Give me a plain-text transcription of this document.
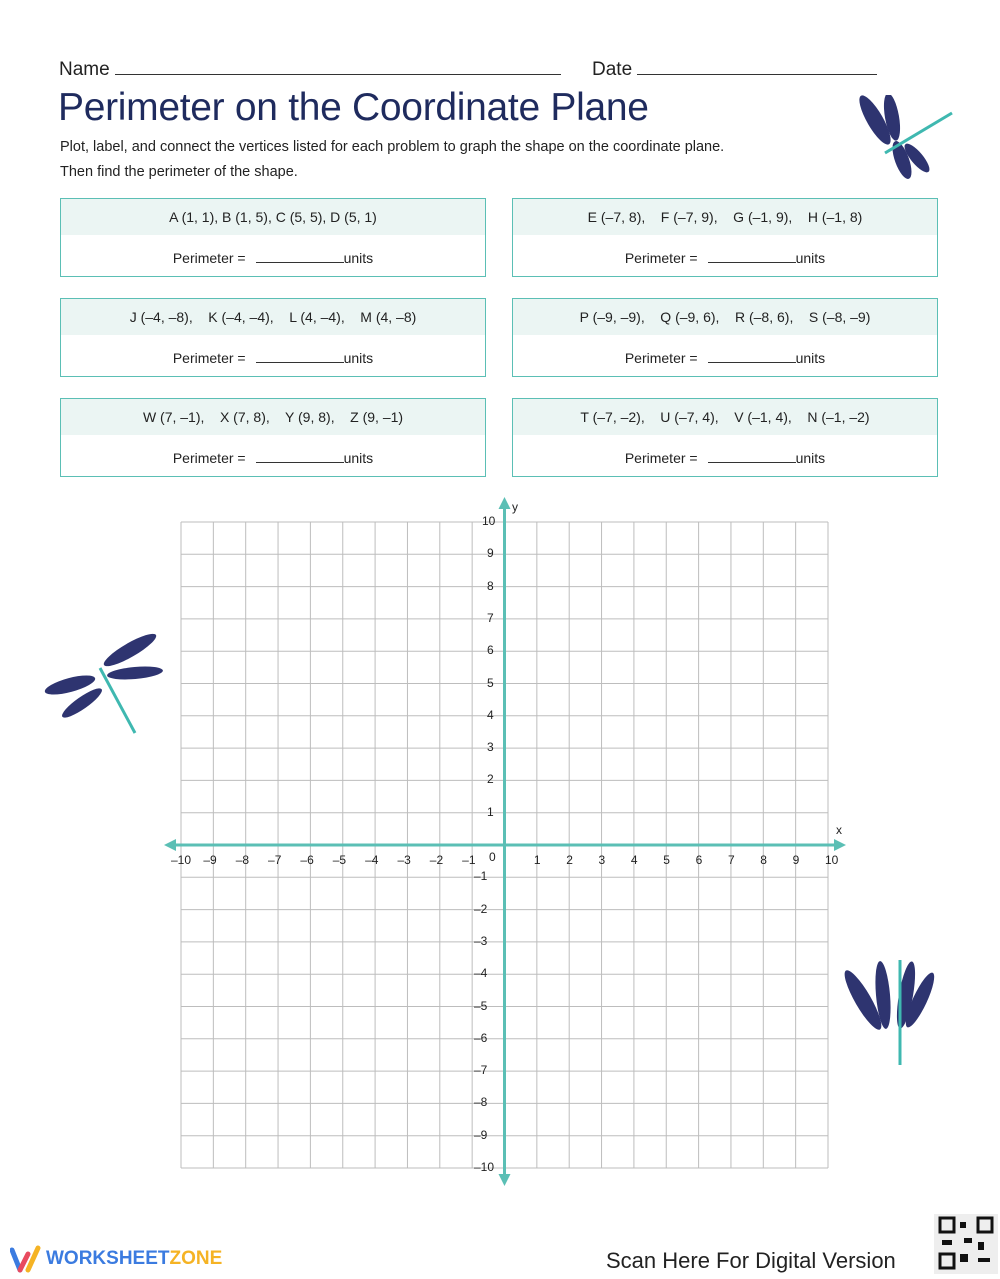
Name	Date
Perimeter on the Coordinate Plane
Plot, label, and connect the vertices listed for each problem to graph the shape on the coordinate plane.
Then find the perimeter of the shape.
A (1, 1), B (1, 5), C (5, 5), D (5, 1)
Perimeter =	units
E (–7, 8),    F (–7, 9),    G (–1, 9),    H (–1, 8)
Perimeter =	units
J (–4, –8),    K (–4, –4),    L (4, –4),    M (4, –8)
Perimeter =	units
P (–9, –9),    Q (–9, 6),    R (–8, 6),    S (–8, –9)
Perimeter =	units
W (7, –1),    X (7, 8),    Y (9, 8),    Z (9, –1)
Perimeter =	units
T (–7, –2),    U (–7, 4),    V (–1, 4),    N (–1, –2)
Perimeter =	units
–10
–10
–9
–9
–8
–8
–7
–7
–6
–6
–5
–5
–4
–4
–3
–3
–2
–2
–1
–1
1
1
2
2
3
3
4
4
5
5
6
6
7
7
8
8
9
9
10
10
0
x
y
WORKSHEET ZONE	Scan Here For Digital Version
